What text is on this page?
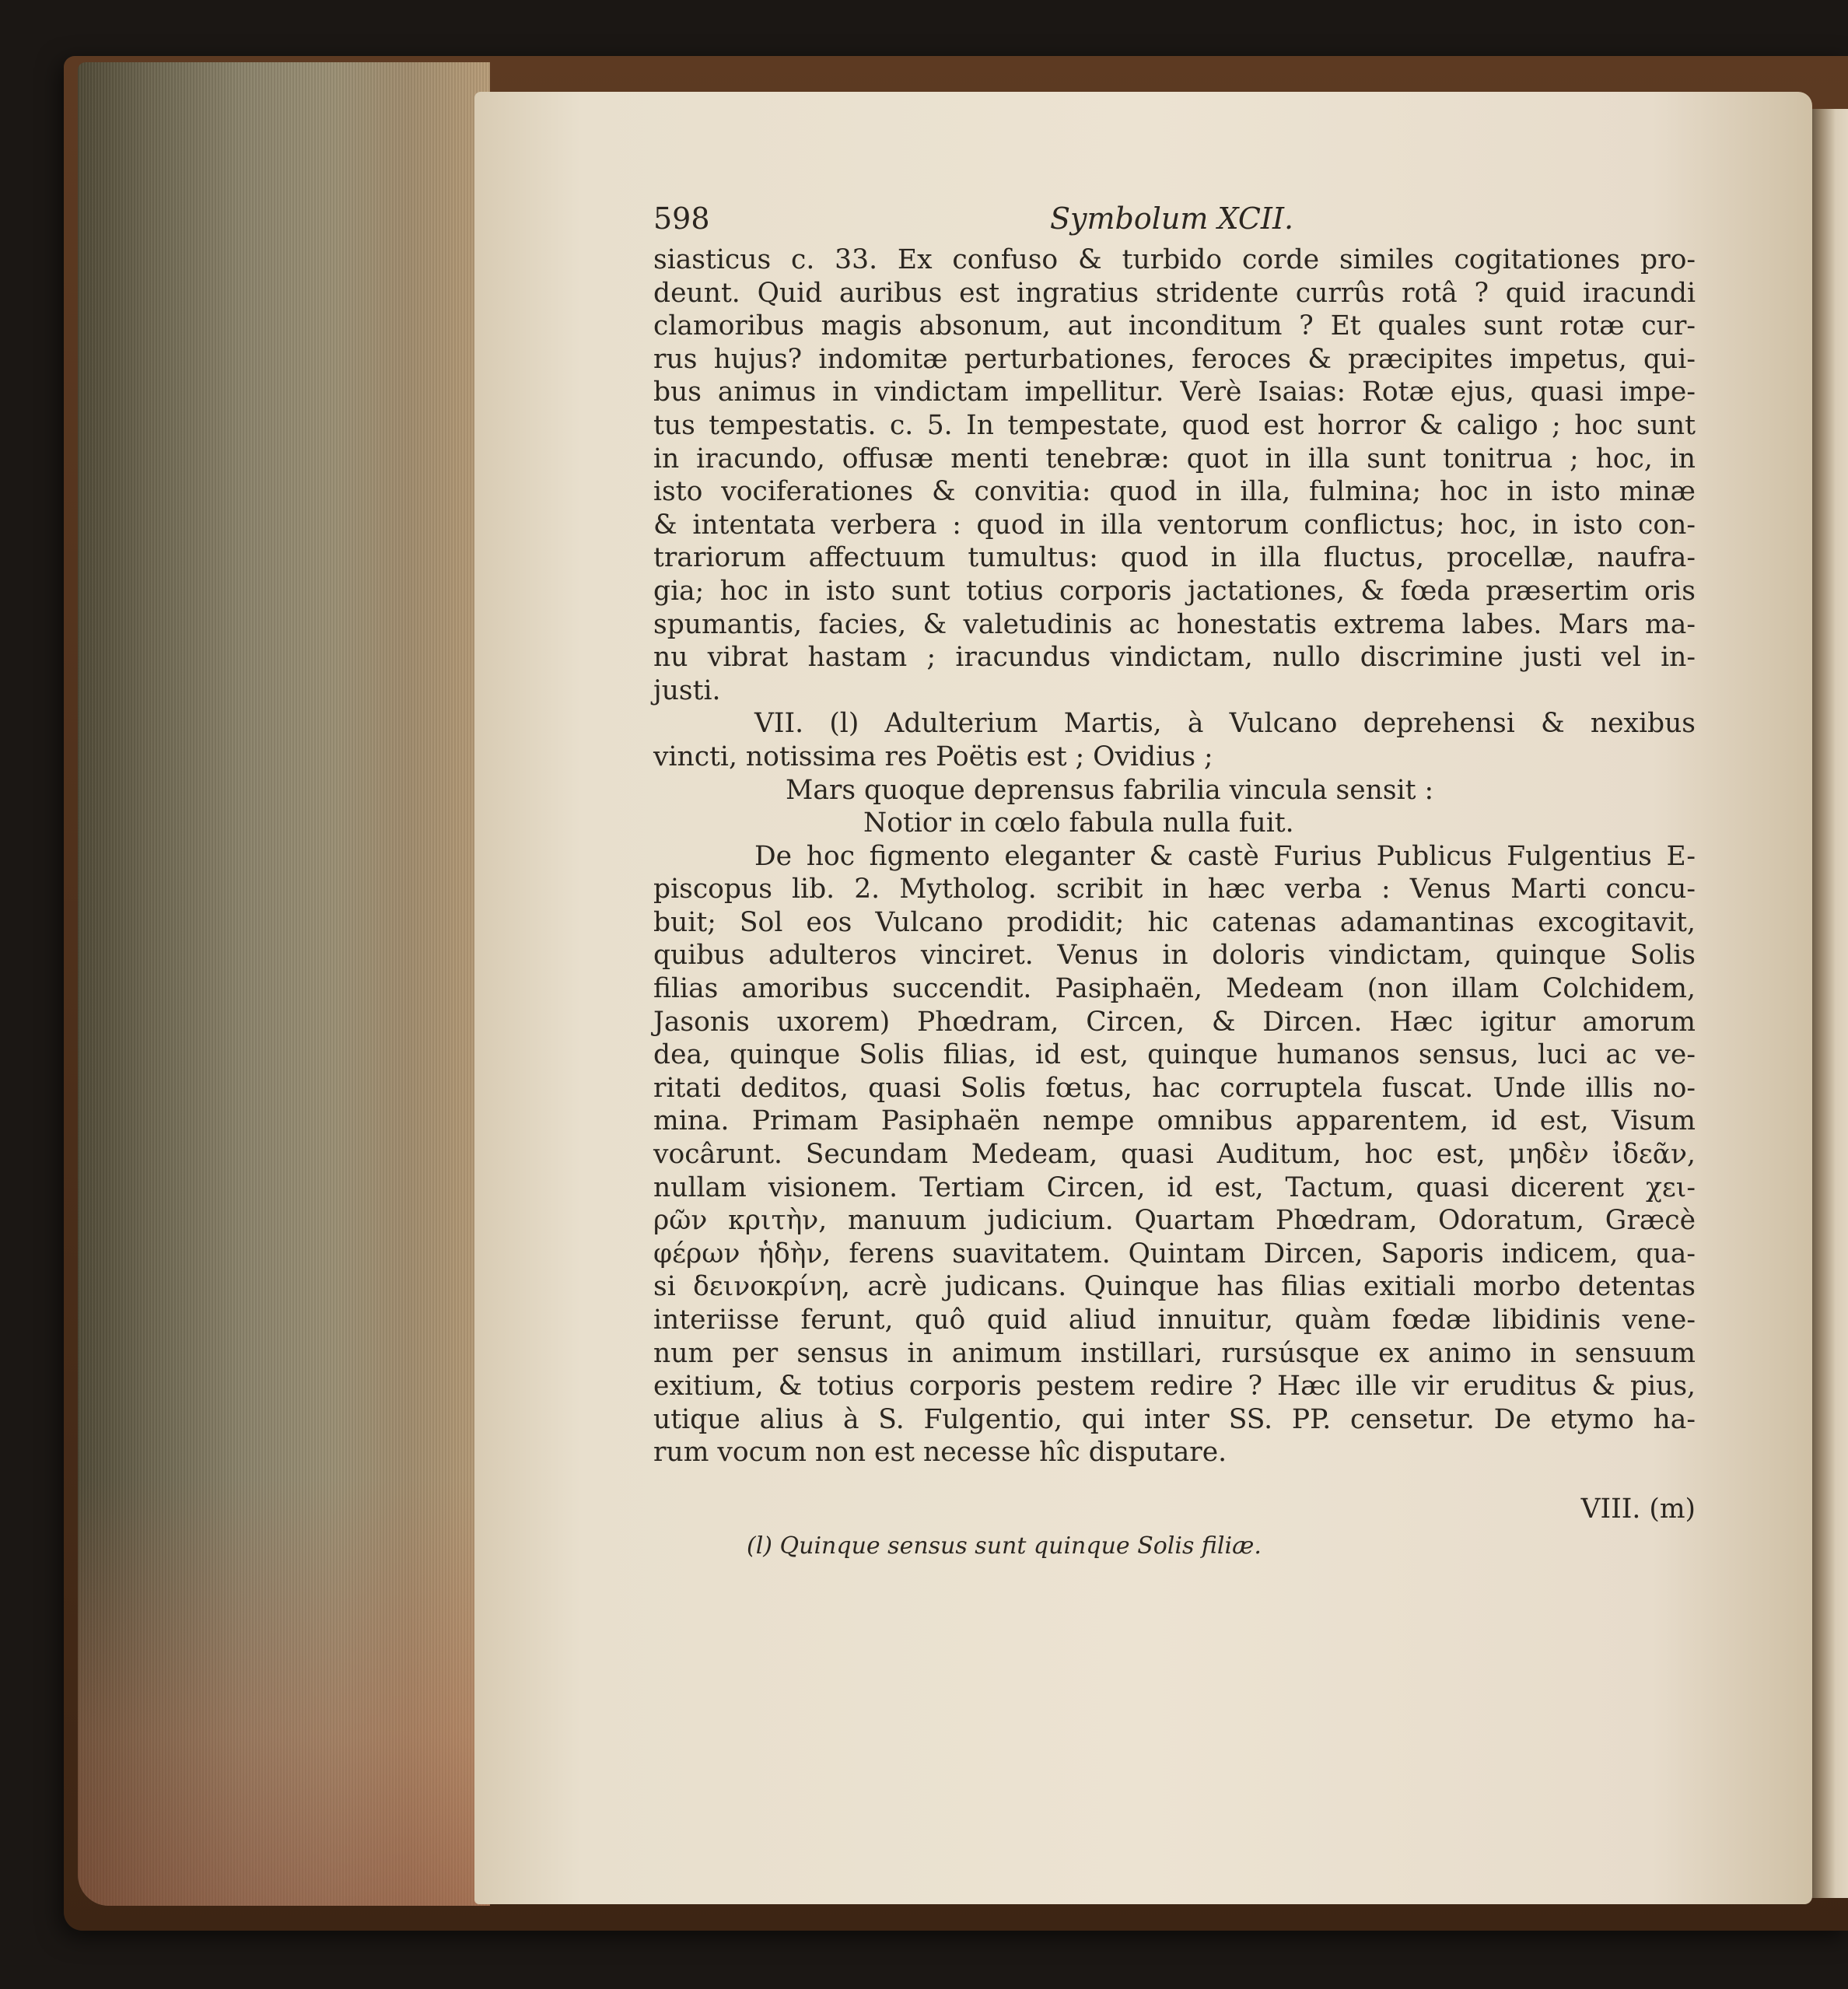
598	Symbolum XCII.
siasticus c. 33. Ex confuso & turbido corde similes cogitationes pro-
deunt. Quid auribus est ingratius stridente currûs rotâ ? quid iracundi
clamoribus magis absonum, aut inconditum ? Et quales sunt rotæ cur-
rus hujus? indomitæ perturbationes, feroces & præcipites impetus, qui-
bus animus in vindictam impellitur. Verè Isaias: Rotæ ejus, quasi impe-
tus tempestatis. c. 5. In tempestate, quod est horror & caligo ; hoc sunt
in iracundo, offusæ menti tenebræ: quot in illa sunt tonitrua ; hoc, in
isto vociferationes & convitia: quod in illa, fulmina; hoc in isto minæ
& intentata verbera : quod in illa ventorum conflictus; hoc, in isto con-
trariorum affectuum tumultus: quod in illa fluctus, procellæ, naufra-
gia; hoc in isto sunt totius corporis jactationes, & fœda præsertim oris
spumantis, facies, & valetudinis ac honestatis extrema labes. Mars ma-
nu vibrat hastam ; iracundus vindictam, nullo discrimine justi vel in-
justi.
VII. (l) Adulterium Martis, à Vulcano deprehensi & nexibus
vincti, notissima res Poëtis est ; Ovidius ;
Mars quoque deprensus fabrilia vincula sensit :
Notior in cœlo fabula nulla fuit.
De hoc figmento eleganter & castè Furius Publicus Fulgentius E-
piscopus lib. 2. Mytholog. scribit in hæc verba : Venus Marti concu-
buit; Sol eos Vulcano prodidit; hic catenas adamantinas excogitavit,
quibus adulteros vinciret. Venus in doloris vindictam, quinque Solis
filias amoribus succendit. Pasiphaën, Medeam (non illam Colchidem,
Jasonis uxorem) Phœdram, Circen, & Dircen. Hæc igitur amorum
dea, quinque Solis filias, id est, quinque humanos sensus, luci ac ve-
ritati deditos, quasi Solis fœtus, hac corruptela fuscat. Unde illis no-
mina. Primam Pasiphaën nempe omnibus apparentem, id est, Visum
vocârunt. Secundam Medeam, quasi Auditum, hoc est, μηδὲν ἰδεᾶν,
nullam visionem. Tertiam Circen, id est, Tactum, quasi dicerent χει-
ρῶν κριτὴν, manuum judicium. Quartam Phœdram, Odoratum, Græcè
φέρων ἡδὴν, ferens suavitatem. Quintam Dircen, Saporis indicem, qua-
si δεινοκρίνη, acrè judicans. Quinque has filias exitiali morbo detentas
interiisse ferunt, quô quid aliud innuitur, quàm fœdæ libidinis vene-
num per sensus in animum instillari, rursúsque ex animo in sensuum
exitium, & totius corporis pestem redire ? Hæc ille vir eruditus & pius,
utique alius à S. Fulgentio, qui inter SS. PP. censetur. De etymo ha-
rum vocum non est necesse hîc disputare.
VIII. (m)
(l) Quinque sensus sunt quinque Solis filiæ.
